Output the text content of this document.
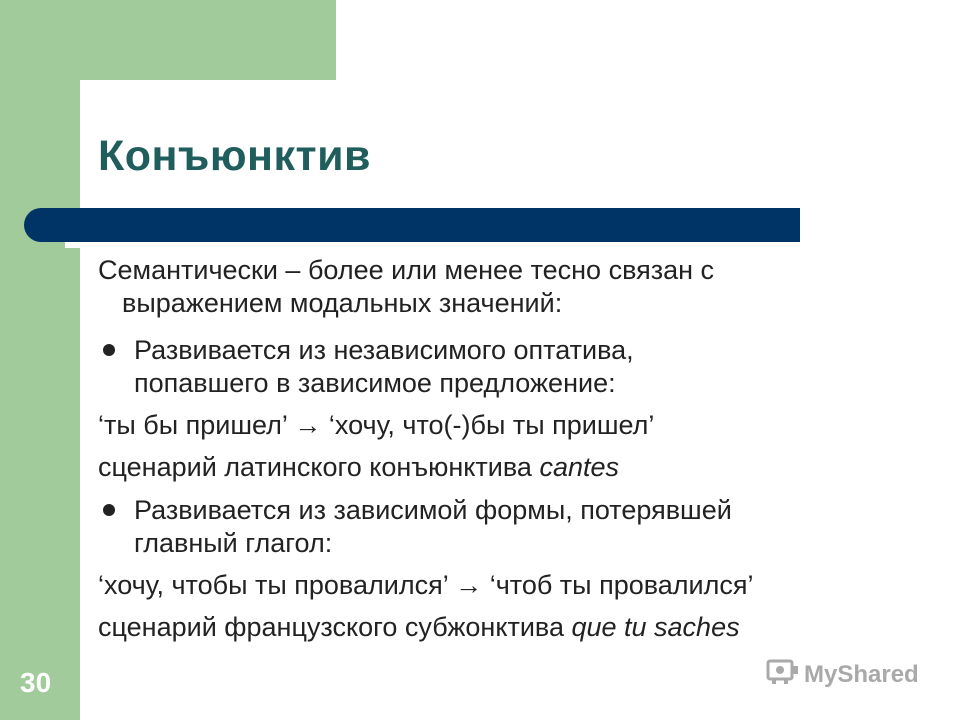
Конъюнктив
Семантически – более или менее тесно связан с
выражением модальных значений:
Развивается из независимого оптатива,
попавшего в зависимое предложение:
‘ты бы пришел’ → ‘хочу, что(-)бы ты пришел’
сценарий латинского конъюнктива cantes
Развивается из зависимой формы, потерявшей
главный глагол:
‘хочу, чтобы ты провалился’ → ‘чтоб ты провалился’
сценарий французского субжонктива que tu saches
30	MyShared
